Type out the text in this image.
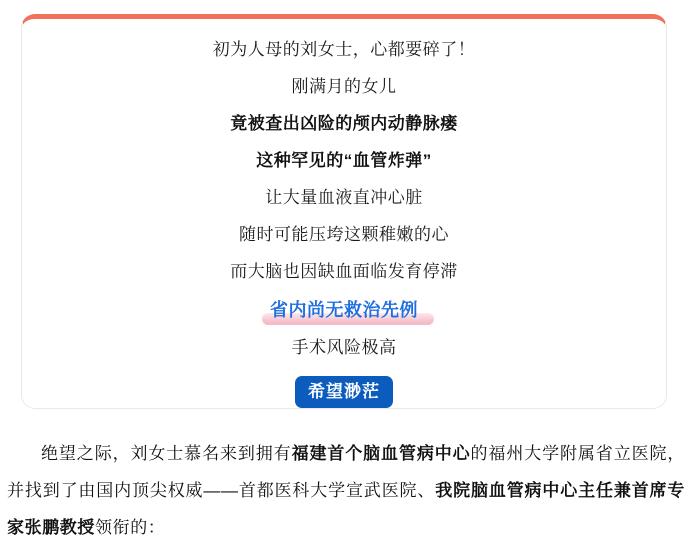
初为人母的刘女士，心都要碎了！
刚满月的女儿
竟被查出凶险的颅内动静脉瘘
这种罕见的“血管炸弹”
让大量血液直冲心脏
随时可能压垮这颗稚嫩的心
而大脑也因缺血面临发育停滞
省内尚无救治先例
手术风险极高
希望渺茫

绝望之际，刘女士慕名来到拥有福建首个脑血管病中心的福州大学附属省立医院，并找到了由国内顶尖权威——首都医科大学宣武医院、我院脑血管病中心主任兼首席专家张鹏教授领衔的：
